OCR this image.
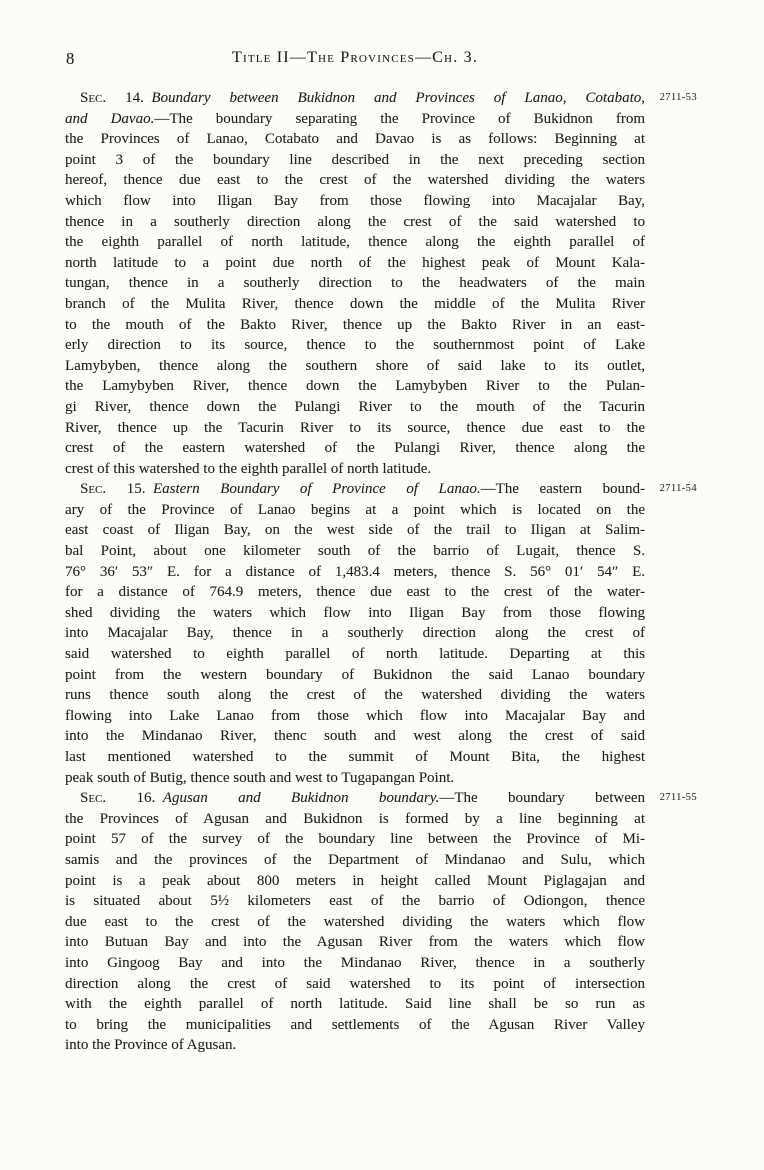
8	Title II—The Provinces—Ch. 3.
Sec. 14.  Boundary between Bukidnon and Provinces of Lanao, Cotabato, 2711-53
and Davao.—The boundary separating the Province of Bukidnon from
the Provinces of Lanao, Cotabato and Davao is as follows: Beginning at
point 3 of the boundary line described in the next preceding section
hereof, thence due east to the crest of the watershed dividing the waters
which flow into Iligan Bay from those flowing into Macajalar Bay,
thence in a southerly direction along the crest of the said watershed to
the eighth parallel of north latitude, thence along the eighth parallel of
north latitude to a point due north of the highest peak of Mount Kala-
tungan, thence in a southerly direction to the headwaters of the main
branch of the Mulita River, thence down the middle of the Mulita River
to the mouth of the Bakto River, thence up the Bakto River in an east-
erly direction to its source, thence to the southernmost point of Lake
Lamybyben, thence along the southern shore of said lake to its outlet,
the Lamybyben River, thence down the Lamybyben River to the Pulan-
gi River, thence down the Pulangi River to the mouth of the Tacurin
River, thence up the Tacurin River to its source, thence due east to the
crest of the eastern watershed of the Pulangi River, thence along the
crest of this watershed to the eighth parallel of north latitude.
Sec. 15.  Eastern Boundary of Province of Lanao.—The eastern bound- 2711-54
ary of the Province of Lanao begins at a point which is located on the
east coast of Iligan Bay, on the west side of the trail to Iligan at Salim-
bal Point, about one kilometer south of the barrio of Lugait, thence S.
76° 36′ 53″ E. for a distance of 1,483.4 meters, thence S. 56° 01′ 54″ E.
for a distance of 764.9 meters, thence due east to the crest of the water-
shed dividing the waters which flow into Iligan Bay from those flowing
into Macajalar Bay, thence in a southerly direction along the crest of
said watershed to eighth parallel of north latitude. Departing at this
point from the western boundary of Bukidnon the said Lanao boundary
runs thence south along the crest of the watershed dividing the waters
flowing into Lake Lanao from those which flow into Macajalar Bay and
into the Mindanao River, thenc south and west along the crest of said
last mentioned watershed to the summit of Mount Bita, the highest
peak south of Butig, thence south and west to Tugapangan Point.
Sec. 16.  Agusan and Bukidnon boundary.—The boundary between 2711-55
the Provinces of Agusan and Bukidnon is formed by a line beginning at
point 57 of the survey of the boundary line between the Province of Mi-
samis and the provinces of the Department of Mindanao and Sulu, which
point is a peak about 800 meters in height called Mount Piglagajan and
is situated about 5½ kilometers east of the barrio of Odiongon, thence
due east to the crest of the watershed dividing the waters which flow
into Butuan Bay and into the Agusan River from the waters which flow
into Gingoog Bay and into the Mindanao River, thence in a southerly
direction along the crest of said watershed to its point of intersection
with the eighth parallel of north latitude. Said line shall be so run as
to bring the municipalities and settlements of the Agusan River Valley
into the Province of Agusan.
